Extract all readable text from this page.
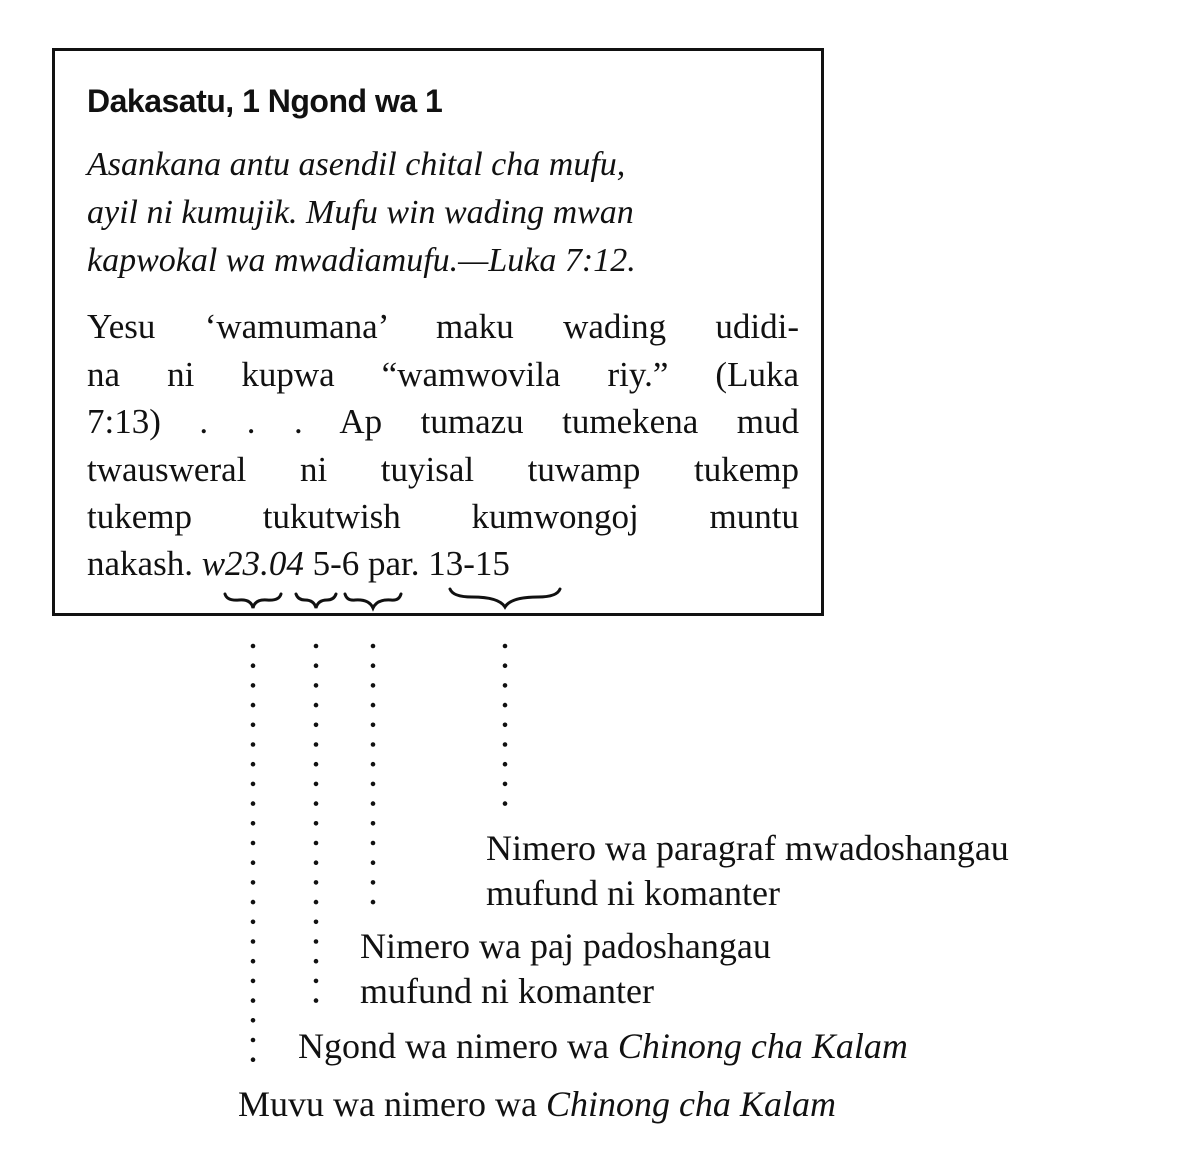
Dakasatu, 1 Ngond wa 1
Asankana antu asendil chital cha mufu,
ayil ni kumujik. Mufu win wading mwan
kapwokal wa mwadiamufu.—Luka 7:12.
Yesu ‘wamumana’ maku wading udidi-
na ni kupwa “wamwovila riy.” (Luka
7:13) . . . Ap tumazu tumekena mud
twausweral ni tuyisal tuwamp tukemp
tukemp tukutwish kumwongoj muntu
nakash. w23.04 5-6 par. 13-15
Nimero wa paragraf mwadoshangau
mufund ni komanter
Nimero wa paj padoshangau
mufund ni komanter
Ngond wa nimero wa Chinong cha Kalam
Muvu wa nimero wa Chinong cha Kalam
